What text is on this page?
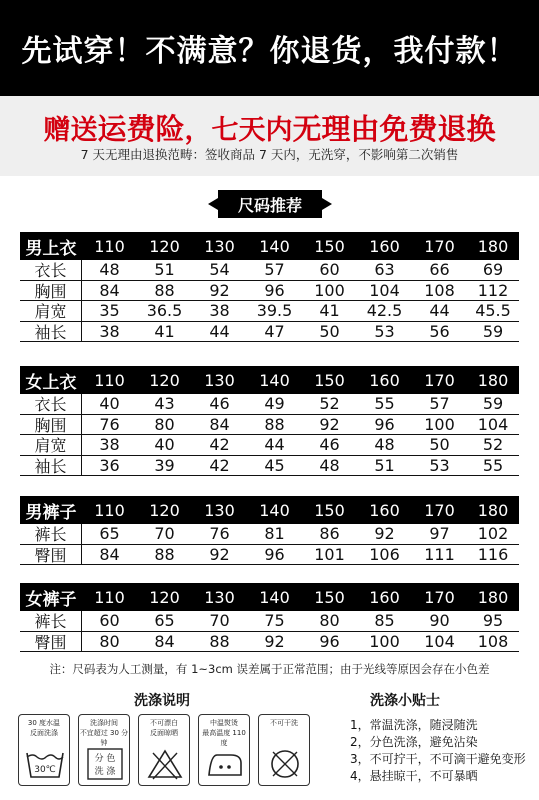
先试穿！不满意？你退货，我付款！
赠送运费险，七天内无理由免费退换
7 天无理由退换范畴：签收商品 7 天内，无洗穿，不影响第二次销售
尺码推荐
男上衣	110	120	130	140	150	160	170	180
衣长	48	51	54	57	60	63	66	69
胸围	84	88	92	96	100	104	108	112
肩宽	35	36.5	38	39.5	41	42.5	44	45.5
袖长	38	41	44	47	50	53	56	59
女上衣	110	120	130	140	150	160	170	180
衣长	40	43	46	49	52	55	57	59
胸围	76	80	84	88	92	96	100	104
肩宽	38	40	42	44	46	48	50	52
袖长	36	39	42	45	48	51	53	55
男裤子	110	120	130	140	150	160	170	180
裤长	65	70	76	81	86	92	97	102
臀围	84	88	92	96	101	106	111	116
女裤子	110	120	130	140	150	160	170	180
裤长	60	65	70	75	80	85	90	95
臀围	80	84	88	92	96	100	104	108
注：尺码表为人工测量，有 1~3cm 误差属于正常范围；由于光线等原因会存在小色差
洗涤说明	洗涤小贴士
30 度水温
反面洗涤
30℃
洗涤时间
不宜超过 30 分钟
分 色
洗 涤
不可漂白
反面晾晒
中温熨烫
最高温度 110 度
不可干洗	1，常温洗涤，随浸随洗
2，分色洗涤，避免沾染
3，不可拧干，不可滴干避免变形
4，悬挂晾干，不可暴晒
